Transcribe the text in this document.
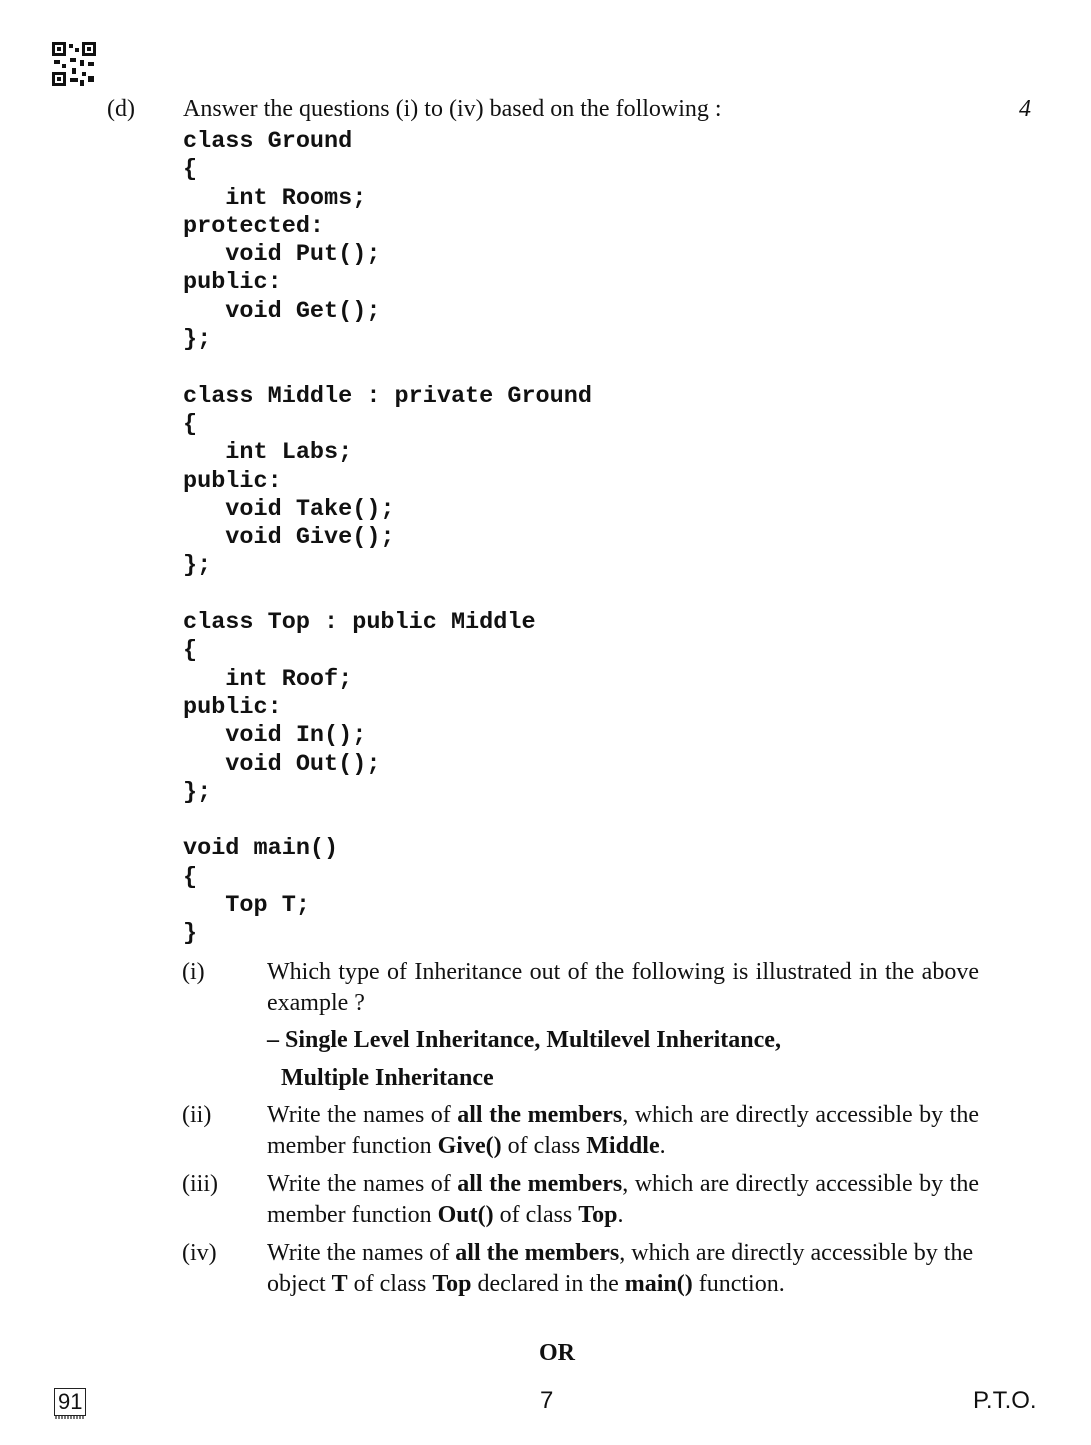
(d) Answer the questions (i) to (iv) based on the following :	4
class Ground
{
int Rooms;
protected:
void Put();
public:
void Get();
};

class Middle : private Ground
{
int Labs;
public:
void Take();
void Give();
};

class Top : public Middle
{
int Roof;
public:
void In();
void Out();
};

void main()
{
Top T;
}
(i)	Which type of Inheritance out of the following is illustrated in the above example ?
– Single Level Inheritance, Multilevel Inheritance,
Multiple Inheritance
(ii) Write the names of all the members, which are directly accessible by the member function Give() of class Middle.
(iii) Write the names of all the members, which are directly accessible by the member function Out() of class Top.
(iv) Write the names of all the members, which are directly accessible by the object T of class Top declared in the main() function.
OR
91	7	P.T.O.
